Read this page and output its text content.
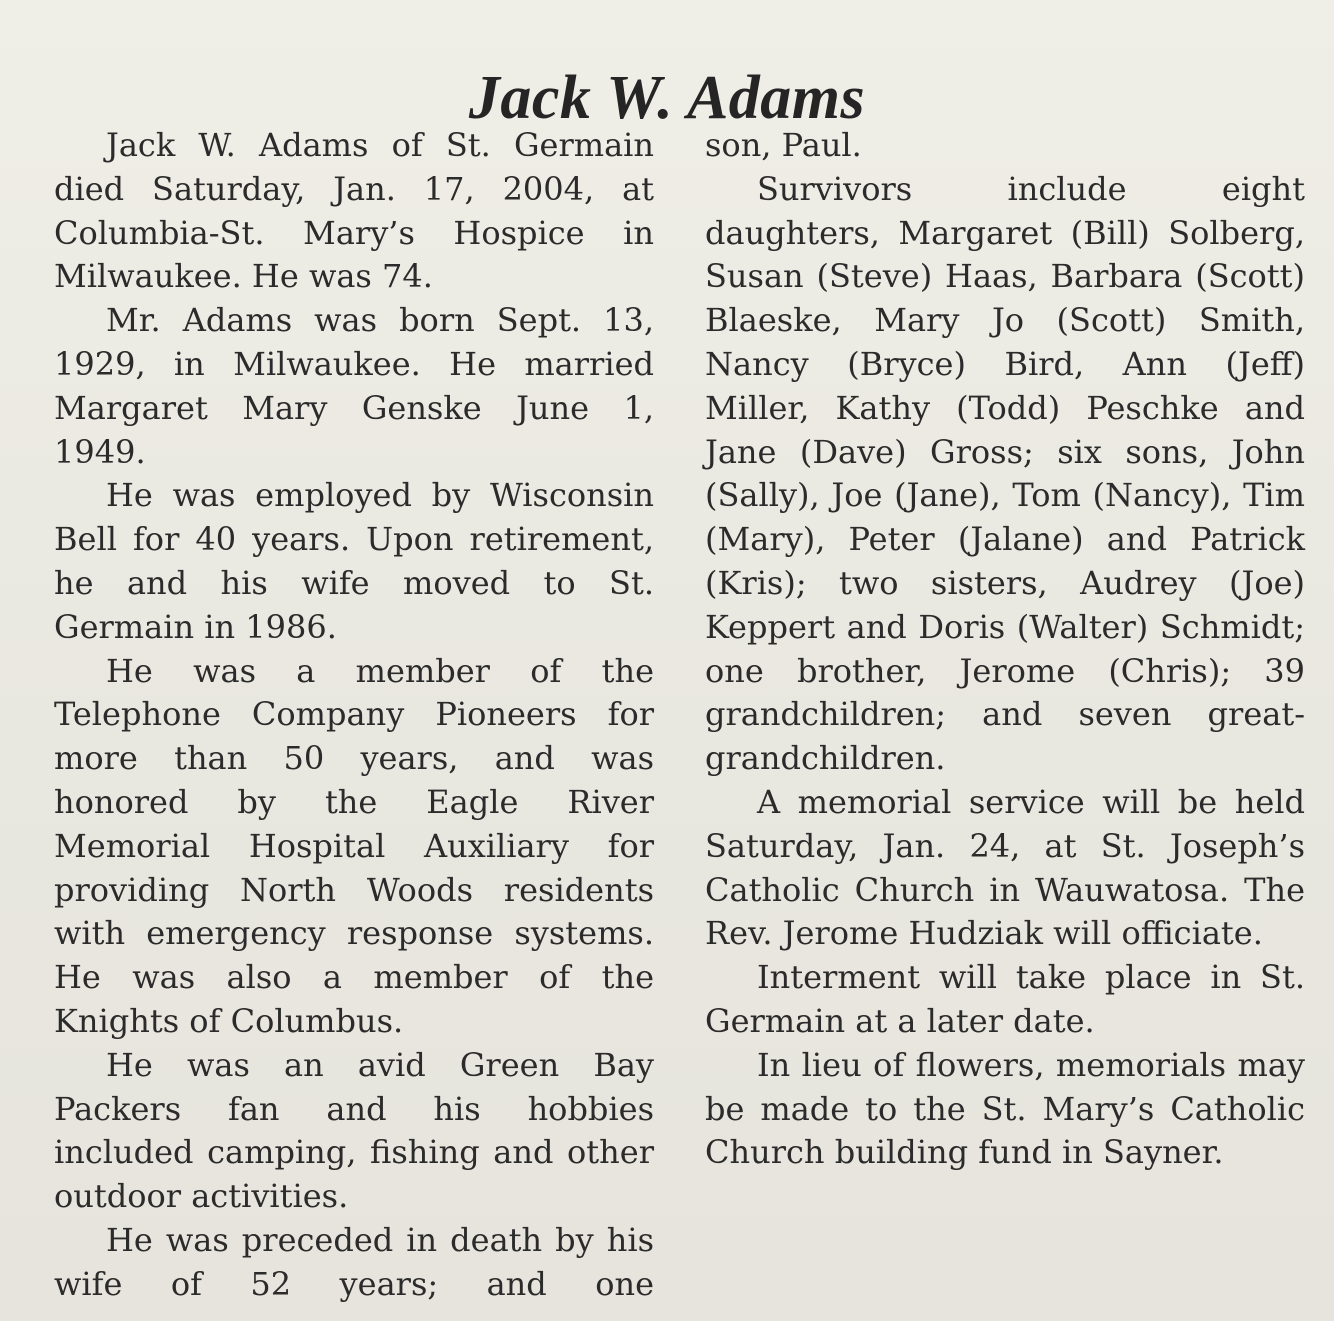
Jack W. Adams

Jack W. Adams of St. Germain died Saturday, Jan. 17, 2004, at Columbia-St. Mary’s Hospice in Milwaukee. He was 74.

Mr. Adams was born Sept. 13, 1929, in Milwaukee. He married Margaret Mary Genske June 1, 1949.

He was employed by Wisconsin Bell for 40 years. Upon retirement, he and his wife moved to St. Germain in 1986.

He was a member of the Telephone Company Pioneers for more than 50 years, and was honored by the Eagle River Memorial Hospital Auxiliary for providing North Woods residents with emergency response systems. He was also a member of the Knights of Columbus.

He was an avid Green Bay Packers fan and his hobbies included camping, fishing and other outdoor activities.

He was preceded in death by his wife of 52 years; and one

son, Paul.

Survivors include eight daughters, Margaret (Bill) Solberg, Susan (Steve) Haas, Barbara (Scott) Blaeske, Mary Jo (Scott) Smith, Nancy (Bryce) Bird, Ann (Jeff) Miller, Kathy (Todd) Peschke and Jane (Dave) Gross; six sons, John (Sally), Joe (Jane), Tom (Nancy), Tim (Mary), Peter (Jalane) and Patrick (Kris); two sisters, Audrey (Joe) Keppert and Doris (Walter) Schmidt; one brother, Jerome (Chris); 39 grandchildren; and seven great-grandchildren.

A memorial service will be held Saturday, Jan. 24, at St. Joseph’s Catholic Church in Wauwatosa. The Rev. Jerome Hudziak will officiate.

Interment will take place in St. Germain at a later date.

In lieu of flowers, memorials may be made to the St. Mary’s Catholic Church building fund in Sayner.
